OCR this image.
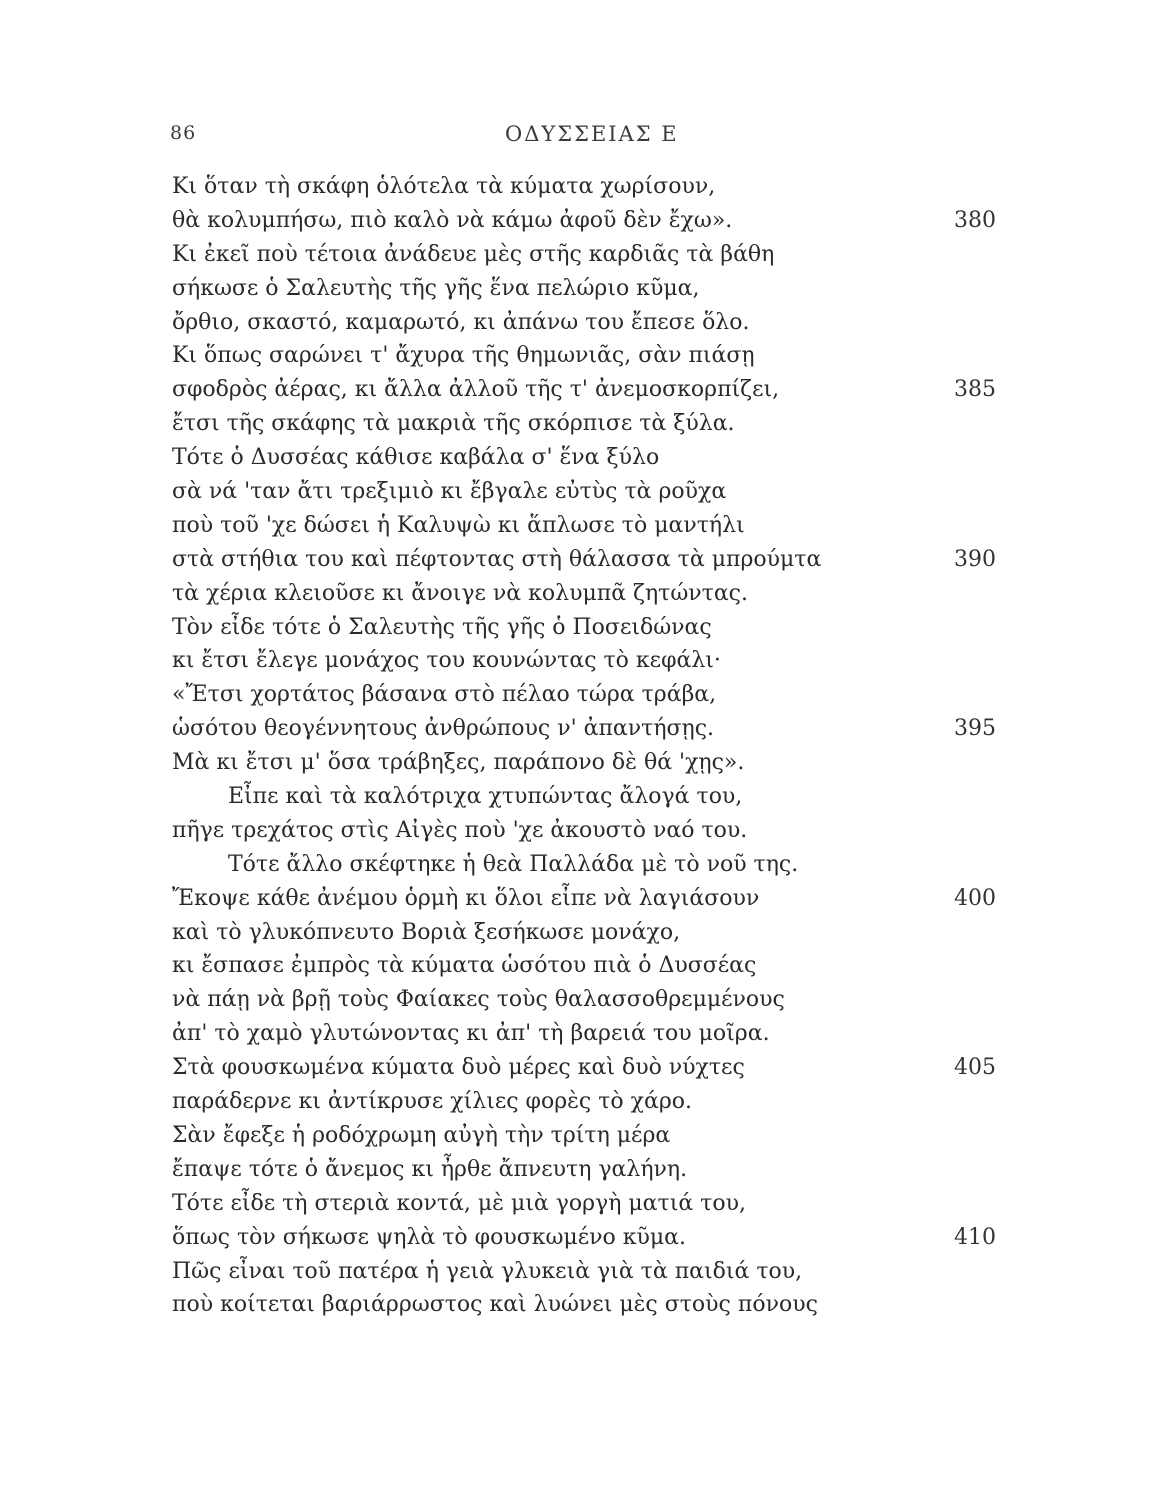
86	ΟΔΥΣΣΕΙΑΣ Ε
Κι ὅταν τὴ σκάφη ὁλότελα τὰ κύματα χωρίσουν,
θὰ κολυμπήσω, πιὸ καλὸ νὰ κάμω ἀφοῦ δὲν ἔχω».	380
Κι ἐκεῖ ποὺ τέτοια ἀνάδευε μὲς στῆς καρδιᾶς τὰ βάθη
σήκωσε ὁ Σαλευτὴς τῆς γῆς ἕνα πελώριο κῦμα,
ὄρθιο, σκαστό, καμαρωτό, κι ἀπάνω του ἔπεσε ὅλο.
Κι ὅπως σαρώνει τ' ἄχυρα τῆς θημωνιᾶς, σὰν πιάσῃ
σφοδρὸς ἀέρας, κι ἄλλα ἀλλοῦ τῆς τ' ἀνεμοσκορπίζει,	385
ἔτσι τῆς σκάφης τὰ μακριὰ τῆς σκόρπισε τὰ ξύλα.
Τότε ὁ Δυσσέας κάθισε καβάλα σ' ἕνα ξύλο
σὰ νά 'ταν ἄτι τρεξιμιὸ κι ἔβγαλε εὐτὺς τὰ ροῦχα
ποὺ τοῦ 'χε δώσει ἡ Καλυψὼ κι ἅπλωσε τὸ μαντήλι
στὰ στήθια του καὶ πέφτοντας στὴ θάλασσα τὰ μπρούμτα	390
τὰ χέρια κλειοῦσε κι ἄνοιγε νὰ κολυμπᾶ ζητώντας.
Τὸν εἶδε τότε ὁ Σαλευτὴς τῆς γῆς ὁ Ποσειδώνας
κι ἔτσι ἔλεγε μονάχος του κουνώντας τὸ κεφάλι·
«Ἔτσι χορτάτος βάσανα στὸ πέλαο τώρα τράβα,
ὡσότου θεογέννητους ἀνθρώπους ν' ἀπαντήσῃς.	395
Μὰ κι ἔτσι μ' ὅσα τράβηξες, παράπονο δὲ θά 'χῃς».
Εἶπε καὶ τὰ καλότριχα χτυπώντας ἄλογά του,
πῆγε τρεχάτος στὶς Αἰγὲς ποὺ 'χε ἀκουστὸ ναό του.
Τότε ἄλλο σκέφτηκε ἡ θεὰ Παλλάδα μὲ τὸ νοῦ της.
Ἔκοψε κάθε ἀνέμου ὁρμὴ κι ὅλοι εἶπε νὰ λαγιάσουν	400
καὶ τὸ γλυκόπνευτο Βοριὰ ξεσήκωσε μονάχο,
κι ἔσπασε ἐμπρὸς τὰ κύματα ὡσότου πιὰ ὁ Δυσσέας
νὰ πάῃ νὰ βρῇ τοὺς Φαίακες τοὺς θαλασσοθρεμμένους
ἀπ' τὸ χαμὸ γλυτώνοντας κι ἀπ' τὴ βαρειά του μοῖρα.
Στὰ φουσκωμένα κύματα δυὸ μέρες καὶ δυὸ νύχτες	405
παράδερνε κι ἀντίκρυσε χίλιες φορὲς τὸ χάρο.
Σὰν ἔφεξε ἡ ροδόχρωμη αὐγὴ τὴν τρίτη μέρα
ἔπαψε τότε ὁ ἄνεμος κι ἦρθε ἄπνευτη γαλήνη.
Τότε εἶδε τὴ στεριὰ κοντά, μὲ μιὰ γοργὴ ματιά του,
ὅπως τὸν σήκωσε ψηλὰ τὸ φουσκωμένο κῦμα.	410
Πῶς εἶναι τοῦ πατέρα ἡ γειὰ γλυκειὰ γιὰ τὰ παιδιά του,
ποὺ κοίτεται βαριάρρωστος καὶ λυώνει μὲς στοὺς πόνους
